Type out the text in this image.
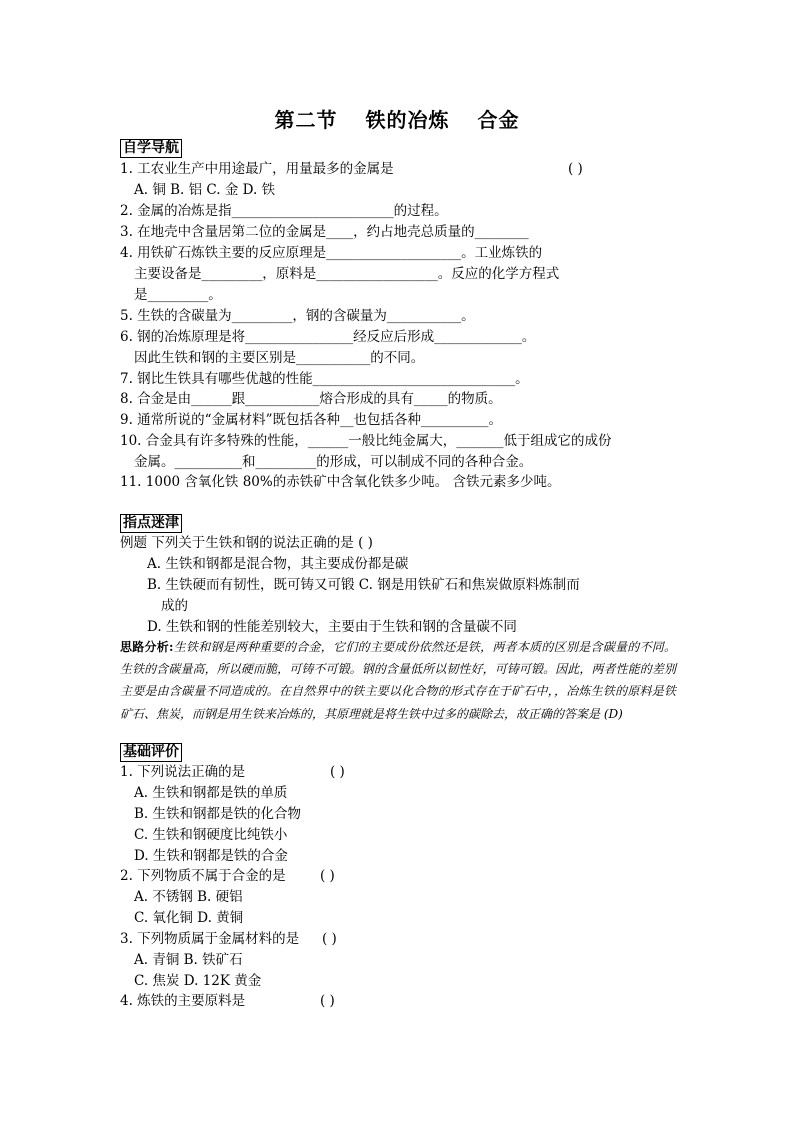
第二节 铁的冶炼 合金
自学导航
1. 工农业生产中用途最广，用量最多的金属是	( )
A. 铜 B. 铝 C. 金 D. 铁
2. 金属的冶炼是指________________________的过程。
3. 在地壳中含量居第二位的金属是____，约占地壳总质量的________
4. 用铁矿石炼铁主要的反应原理是____________________。工业炼铁的
主要设备是_________，原料是__________________。反应的化学方程式
是_________。
5. 生铁的含碳量为_________，钢的含碳量为___________。
6. 钢的冶炼原理是将________________经反应后形成_____________。
因此生铁和钢的主要区别是___________的不同。
7. 钢比生铁具有哪些优越的性能______________________________。
8. 合金是由______跟___________熔合形成的具有_____的物质。
9. 通常所说的“金属材料”既包括各种__也包括各种__________。
10. 合金具有许多特殊的性能，______一般比纯金属大，_______低于组成它的成份
金属。__________和_________的形成，可以制成不同的各种合金。
11. 1000 含氧化铁 80%的赤铁矿中含氧化铁多少吨。 含铁元素多少吨。
指点迷津
例题 下列关于生铁和钢的说法正确的是 ( )
A. 生铁和钢都是混合物，其主要成份都是碳
B. 生铁硬而有韧性，既可铸又可锻 C. 钢是用铁矿石和焦炭做原料炼制而
成的
D. 生铁和钢的性能差别较大，主要由于生铁和钢的含量碳不同
思路分析:生铁和钢是两种重要的合金，它们的主要成份依然还是铁，两者本质的区别是含碳量的不同。生铁的含碳量高，所以硬而脆，可铸不可锻。钢的含量低所以韧性好，可铸可锻。因此，两者性能的差别主要是由含碳量不同造成的。在自然界中的铁主要以化合物的形式存在于矿石中，，冶炼生铁的原料是铁矿石、焦炭，而钢是用生铁来冶炼的，其原理就是将生铁中过多的碳除去，故正确的答案是 (D)
基础评价
1. 下列说法正确的是	( )
A. 生铁和钢都是铁的单质
B. 生铁和钢都是铁的化合物
C. 生铁和钢硬度比纯铁小
D. 生铁和钢都是铁的合金
2. 下列物质不属于合金的是	( )
A. 不锈钢 B. 硬铝
C. 氧化铜 D. 黄铜
3. 下列物质属于金属材料的是 ( )
A. 青铜 B. 铁矿石
C. 焦炭 D. 12K 黄金
4. 炼铁的主要原料是	( )
